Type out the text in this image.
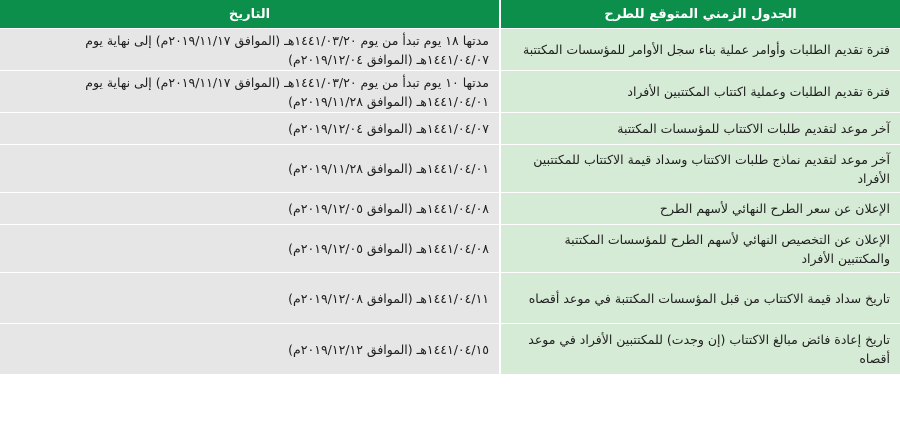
الجدول الزمني المتوقع للطرح
التاريخ
فترة تقديم الطلبات وأوامر عملية بناء سجل الأوامر للمؤسسات المكتتبة
مدتها ١٨ يوم تبدأ من يوم ١٤٤١/٠٣/٢٠هـ (الموافق ٢٠١٩/١١/١٧م) إلى نهاية يوم ١٤٤١/٠٤/٠٧هـ (الموافق ٢٠١٩/١٢/٠٤م)
فترة تقديم الطلبات وعملية اكتتاب المكتتبين الأفراد
مدتها ١٠ يوم تبدأ من يوم ١٤٤١/٠٣/٢٠هـ (الموافق ٢٠١٩/١١/١٧م) إلى نهاية يوم ١٤٤١/٠٤/٠١هـ (الموافق ٢٠١٩/١١/٢٨م)
آخر موعد لتقديم طلبات الاكتتاب للمؤسسات المكتتبة
١٤٤١/٠٤/٠٧هـ (الموافق ٢٠١٩/١٢/٠٤م)
آخر موعد لتقديم نماذج طلبات الاكتتاب وسداد قيمة الاكتتاب للمكتتبين الأفراد
١٤٤١/٠٤/٠١هـ (الموافق ٢٠١٩/١١/٢٨م)
الإعلان عن سعر الطرح النهائي لأسهم الطرح
١٤٤١/٠٤/٠٨هـ (الموافق ٢٠١٩/١٢/٠٥م)
الإعلان عن التخصيص النهائي لأسهم الطرح للمؤسسات المكتتبة والمكتتبين الأفراد
١٤٤١/٠٤/٠٨هـ (الموافق ٢٠١٩/١٢/٠٥م)
تاريخ سداد قيمة الاكتتاب من قبل المؤسسات المكتتبة في موعد أقصاه
١٤٤١/٠٤/١١هـ (الموافق ٢٠١٩/١٢/٠٨م)
تاريخ إعادة فائض مبالغ الاكتتاب (إن وجدت) للمكتتبين الأفراد في موعد أقصاه
١٤٤١/٠٤/١٥هـ (الموافق ٢٠١٩/١٢/١٢م)
